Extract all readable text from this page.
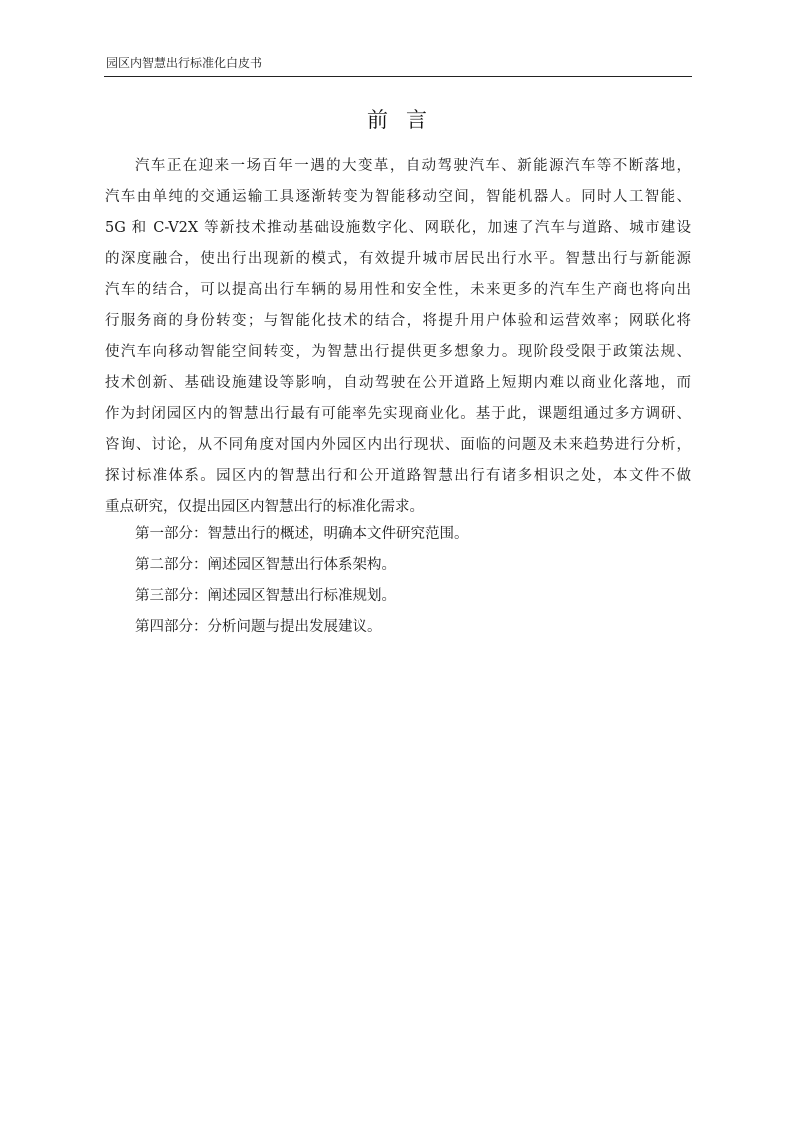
园区内智慧出行标准化白皮书
前言
汽车正在迎来一场百年一遇的大变革，自动驾驶汽车、新能源汽车等不断落地，
汽车由单纯的交通运输工具逐渐转变为智能移动空间，智能机器人。同时人工智能、
5G 和 C-V2X 等新技术推动基础设施数字化、网联化，加速了汽车与道路、城市建设
的深度融合，使出行出现新的模式，有效提升城市居民出行水平。智慧出行与新能源
汽车的结合，可以提高出行车辆的易用性和安全性，未来更多的汽车生产商也将向出
行服务商的身份转变；与智能化技术的结合，将提升用户体验和运营效率；网联化将
使汽车向移动智能空间转变，为智慧出行提供更多想象力。现阶段受限于政策法规、
技术创新、基础设施建设等影响，自动驾驶在公开道路上短期内难以商业化落地，而
作为封闭园区内的智慧出行最有可能率先实现商业化。基于此，课题组通过多方调研、
咨询、讨论，从不同角度对国内外园区内出行现状、面临的问题及未来趋势进行分析，
探讨标准体系。园区内的智慧出行和公开道路智慧出行有诸多相识之处，本文件不做
重点研究，仅提出园区内智慧出行的标准化需求。
第一部分：智慧出行的概述，明确本文件研究范围。
第二部分：阐述园区智慧出行体系架构。
第三部分：阐述园区智慧出行标准规划。
第四部分：分析问题与提出发展建议。
